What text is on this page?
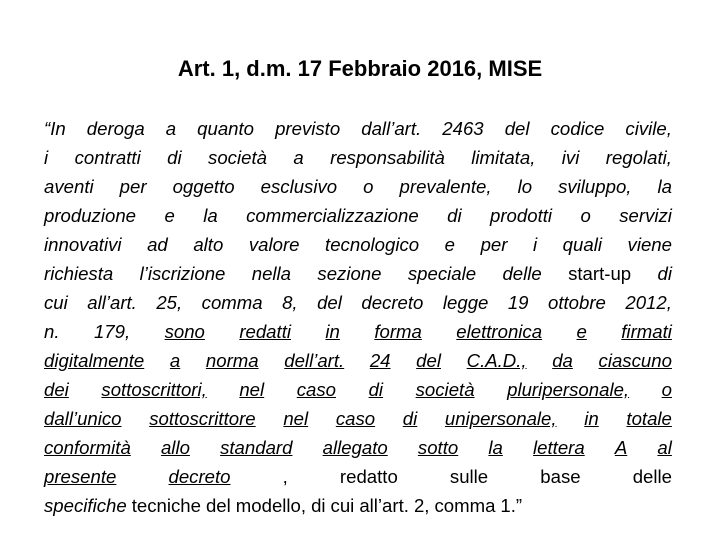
Art. 1, d.m. 17 Febbraio 2016, MISE
“In deroga a quanto previsto dall’art. 2463 del codice civile,
i contratti di società a responsabilità limitata, ivi regolati,
aventi per oggetto esclusivo o prevalente, lo sviluppo, la
produzione e la commercializzazione di prodotti o servizi
innovativi ad alto valore tecnologico e per i quali viene
richiesta l’iscrizione nella sezione speciale delle start-up di
cui all’art. 25, comma 8, del decreto legge 19 ottobre 2012,
n. 179, sono redatti in forma elettronica e firmati
digitalmente a norma dell’art. 24 del C.A.D., da ciascuno
dei sottoscrittori, nel caso di società pluripersonale, o
dall’unico sottoscrittore nel caso di unipersonale, in totale
conformità allo standard allegato sotto la lettera A al
presente	decreto	,	redatto	sulle	base	delle
specifiche tecniche del modello, di cui all’art. 2, comma 1.”
